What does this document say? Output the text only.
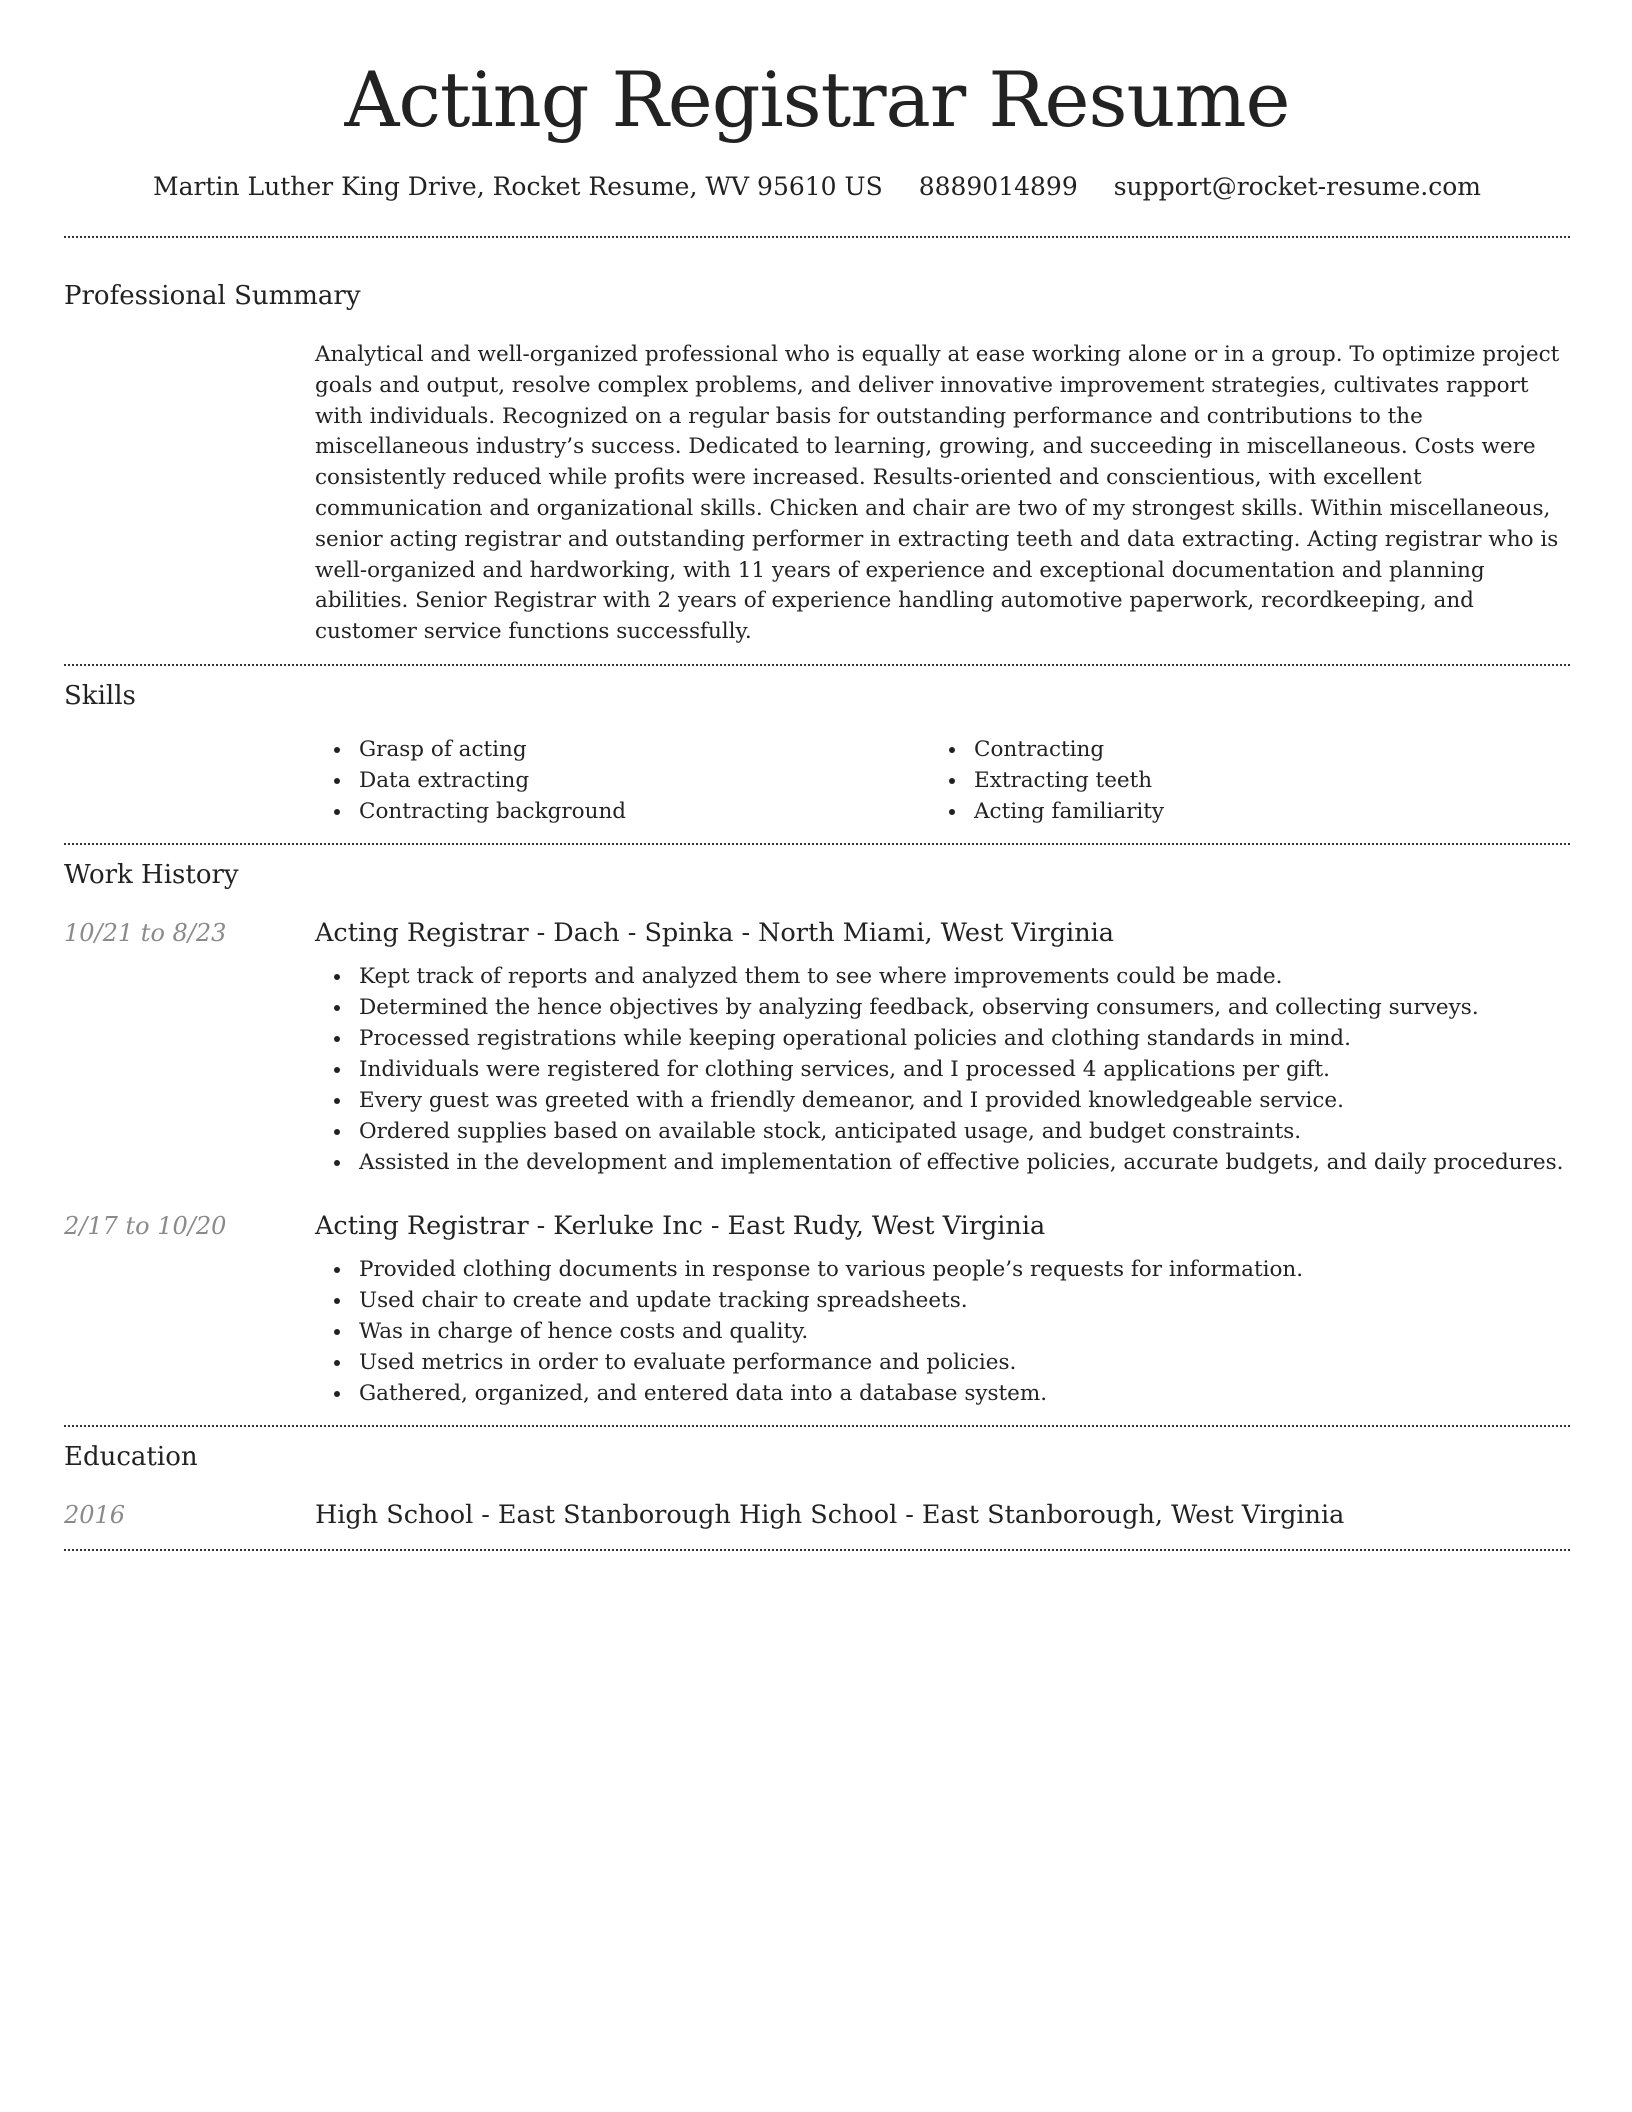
Acting Registrar Resume
Martin Luther King Drive, Rocket Resume, WV 95610 US 8889014899 support@rocket-resume.com
Professional Summary

Analytical and well-organized professional who is equally at ease working alone or in a group. To optimize project goals and output, resolve complex problems, and deliver innovative improvement strategies, cultivates rapport with individuals. Recognized on a regular basis for outstanding performance and contributions to the miscellaneous industry’s success. Dedicated to learning, growing, and succeeding in miscellaneous. Costs were consistently reduced while profits were increased. Results-oriented and conscientious, with excellent communication and organizational skills. Chicken and chair are two of my strongest skills. Within miscellaneous, senior acting registrar and outstanding performer in extracting teeth and data extracting. Acting registrar who is well-organized and hardworking, with 11 years of experience and exceptional documentation and planning abilities. Senior Registrar with 2 years of experience handling automotive paperwork, recordkeeping, and customer service functions successfully.

Skills
Grasp of acting
Data extracting
Contracting background
Contracting
Extracting teeth
Acting familiarity
Work History
10/21 to 8/23	Acting Registrar - Dach - Spinka - North Miami, West Virginia
Kept track of reports and analyzed them to see where improvements could be made.
Determined the hence objectives by analyzing feedback, observing consumers, and collecting surveys.
Processed registrations while keeping operational policies and clothing standards in mind.
Individuals were registered for clothing services, and I processed 4 applications per gift.
Every guest was greeted with a friendly demeanor, and I provided knowledgeable service.
Ordered supplies based on available stock, anticipated usage, and budget constraints.
Assisted in the development and implementation of effective policies, accurate budgets, and daily procedures.
2/17 to 10/20	Acting Registrar - Kerluke Inc - East Rudy, West Virginia
Provided clothing documents in response to various people’s requests for information.
Used chair to create and update tracking spreadsheets.
Was in charge of hence costs and quality.
Used metrics in order to evaluate performance and policies.
Gathered, organized, and entered data into a database system.
Education
2016	High School - East Stanborough High School - East Stanborough, West Virginia
